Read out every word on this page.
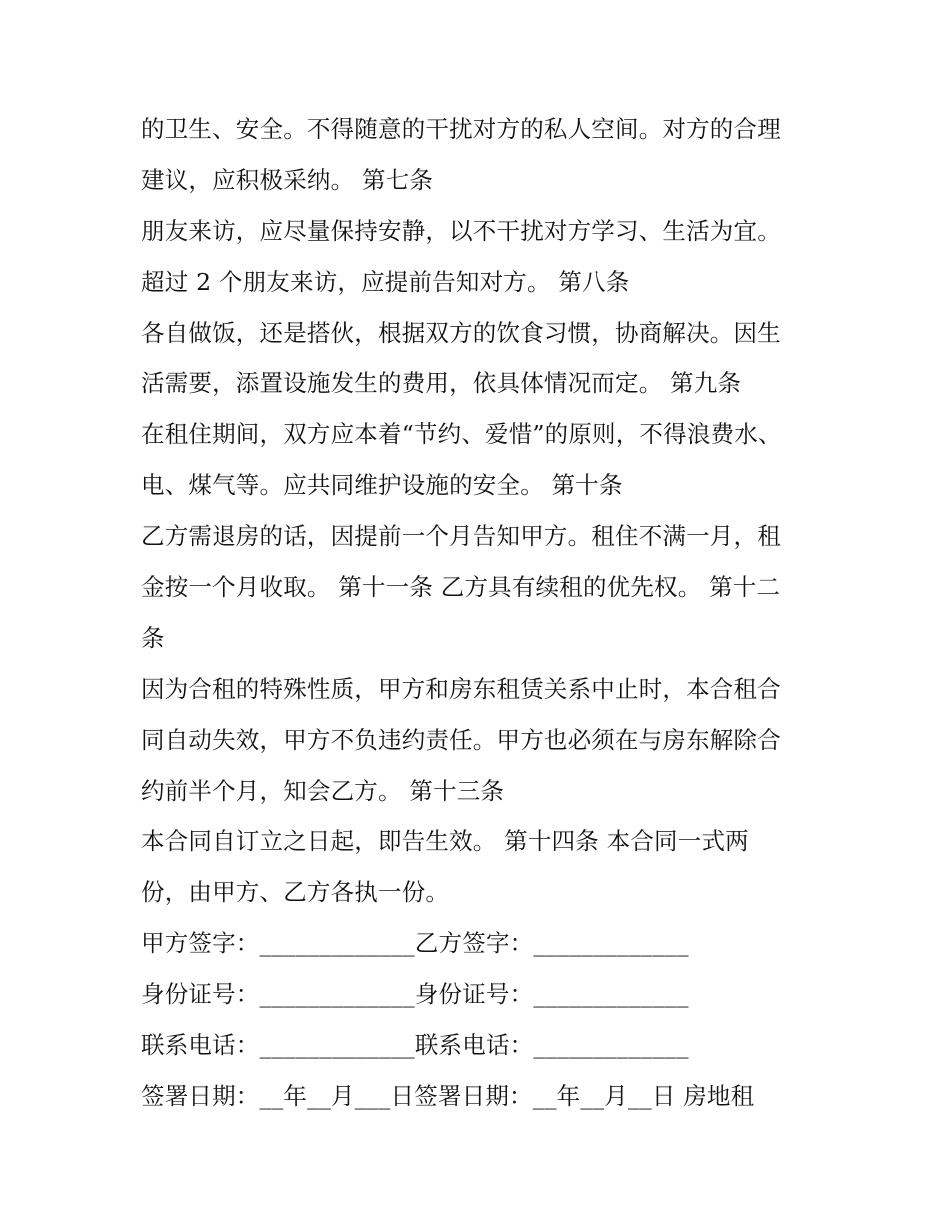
的卫生、安全。不得随意的干扰对方的私人空间。对方的合理
建议，应积极采纳。 第七条
朋友来访，应尽量保持安静，以不干扰对方学习、生活为宜。
超过 2 个朋友来访，应提前告知对方。 第八条
各自做饭，还是搭伙，根据双方的饮食习惯，协商解决。因生
活需要，添置设施发生的费用，依具体情况而定。 第九条
在租住期间，双方应本着“节约、爱惜”的原则，不得浪费水、
电、煤气等。应共同维护设施的安全。 第十条
乙方需退房的话，因提前一个月告知甲方。租住不满一月，租
金按一个月收取。 第十一条 乙方具有续租的优先权。 第十二
条
因为合租的特殊性质，甲方和房东租赁关系中止时，本合租合
同自动失效，甲方不负违约责任。甲方也必须在与房东解除合
约前半个月，知会乙方。 第十三条
本合同自订立之日起，即告生效。 第十四条 本合同一式两
份，由甲方、乙方各执一份。
甲方签字：_____________乙方签字：_____________
身份证号：_____________身份证号：_____________
联系电话：_____________联系电话：_____________
签署日期：__年__月___日签署日期：__年__月__日 房地租
